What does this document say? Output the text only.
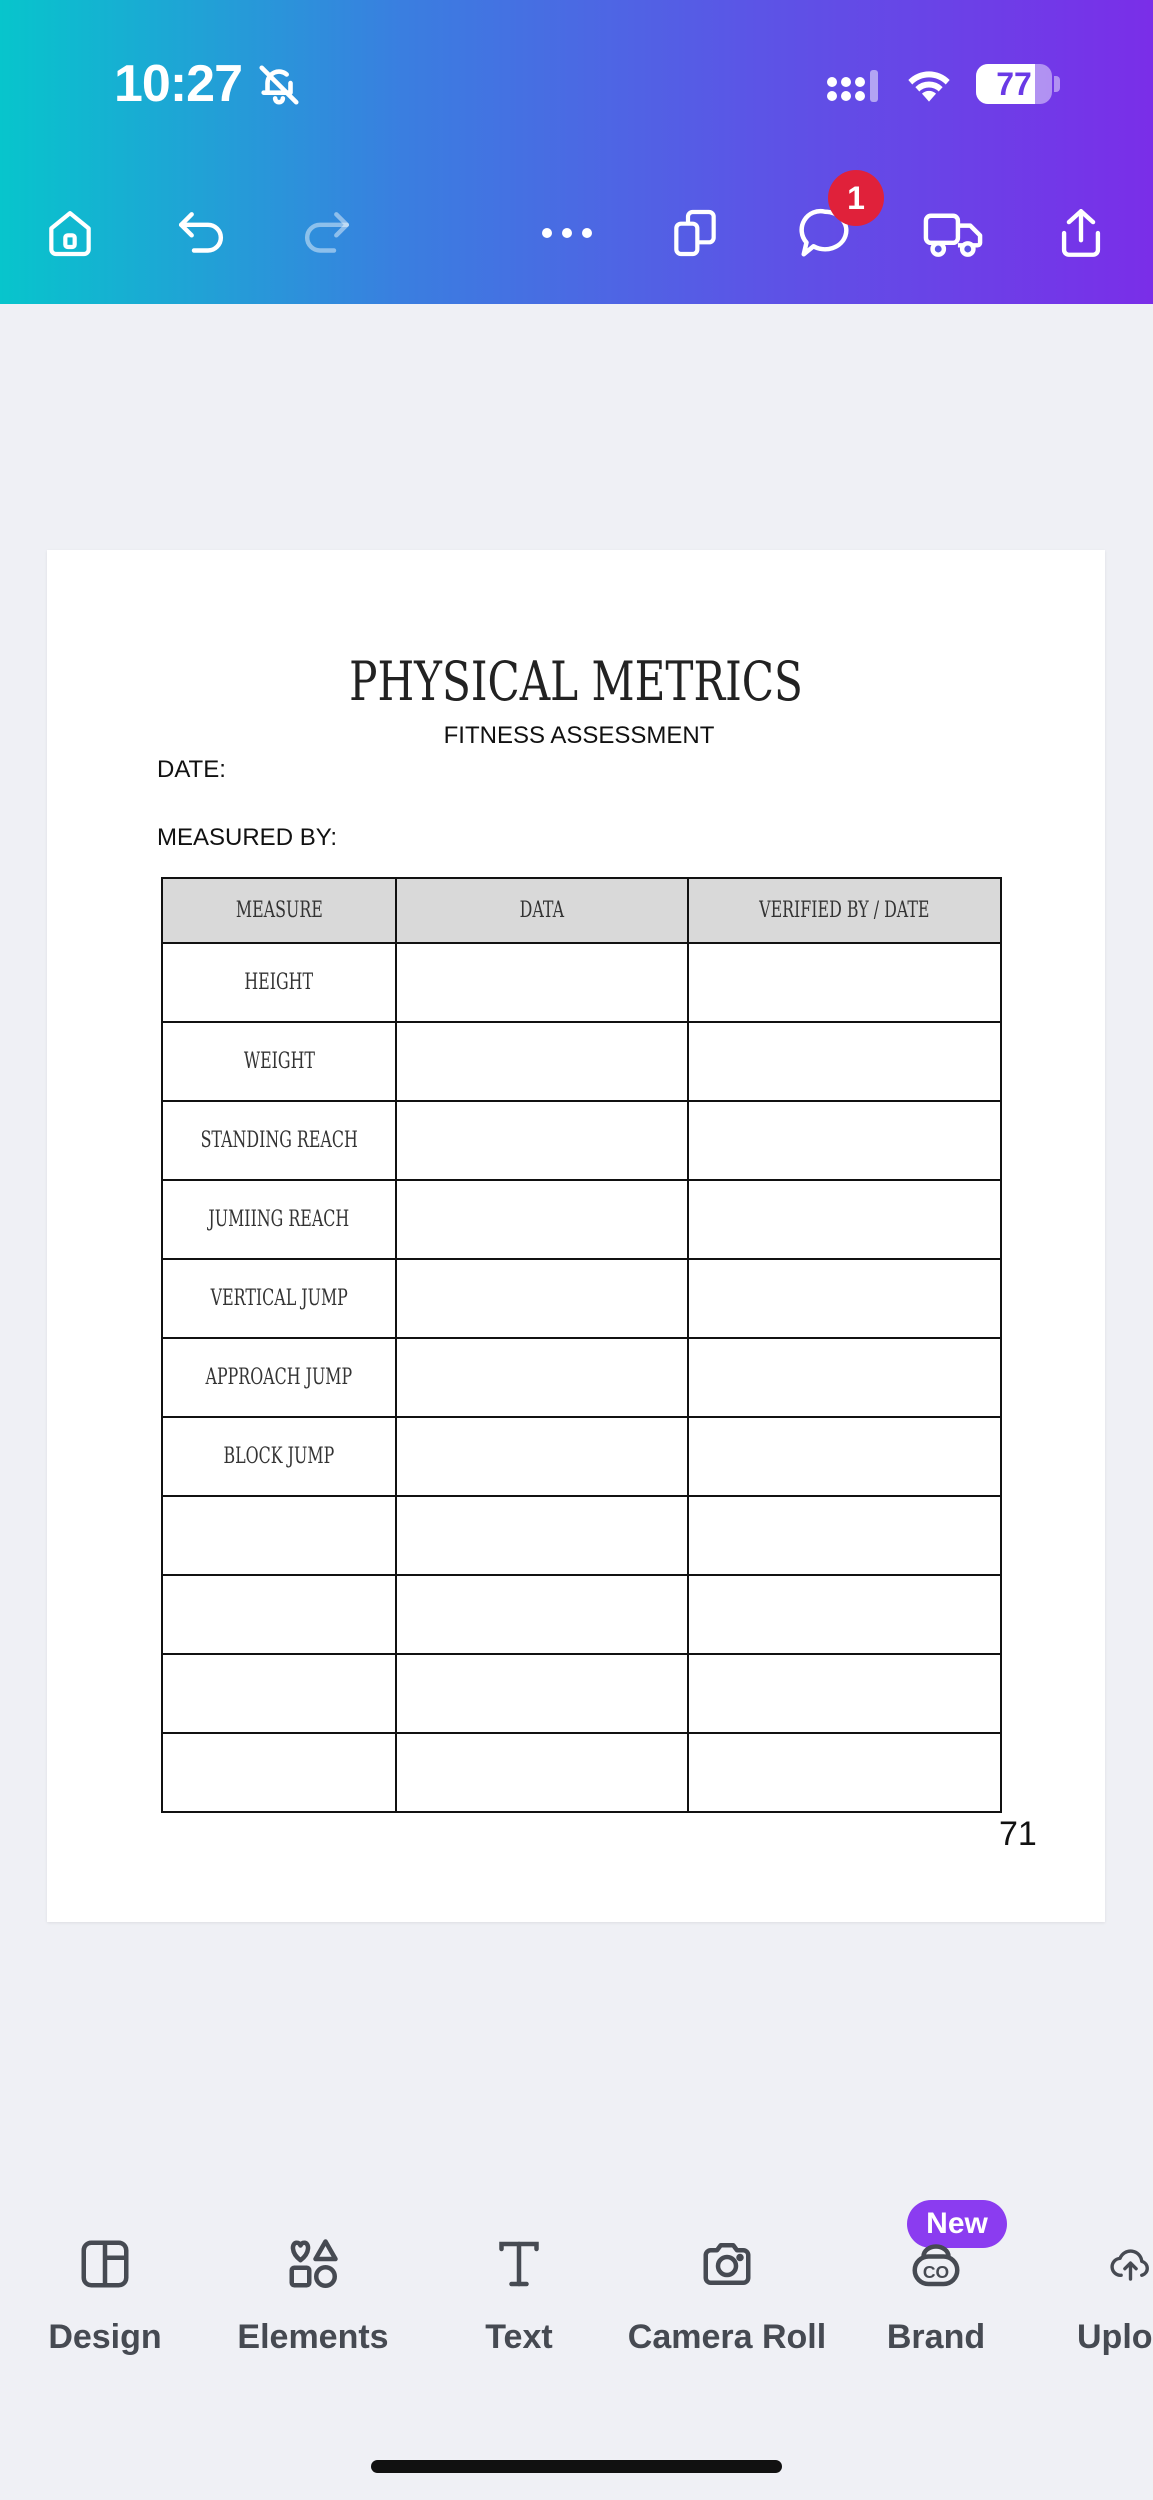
10:27	77
1
PHYSICAL METRICS
FITNESS ASSESSMENT
DATE:
MEASURED BY:
MEASURE	DATA	VERIFIED BY / DATE
HEIGHT		
WEIGHT		
STANDING REACH		
JUMIING REACH		
VERTICAL JUMP		
APPROACH JUMP		
BLOCK JUMP		

71
Design	Elements	Text	Camera Roll
New
CO
Brand	Uplo
